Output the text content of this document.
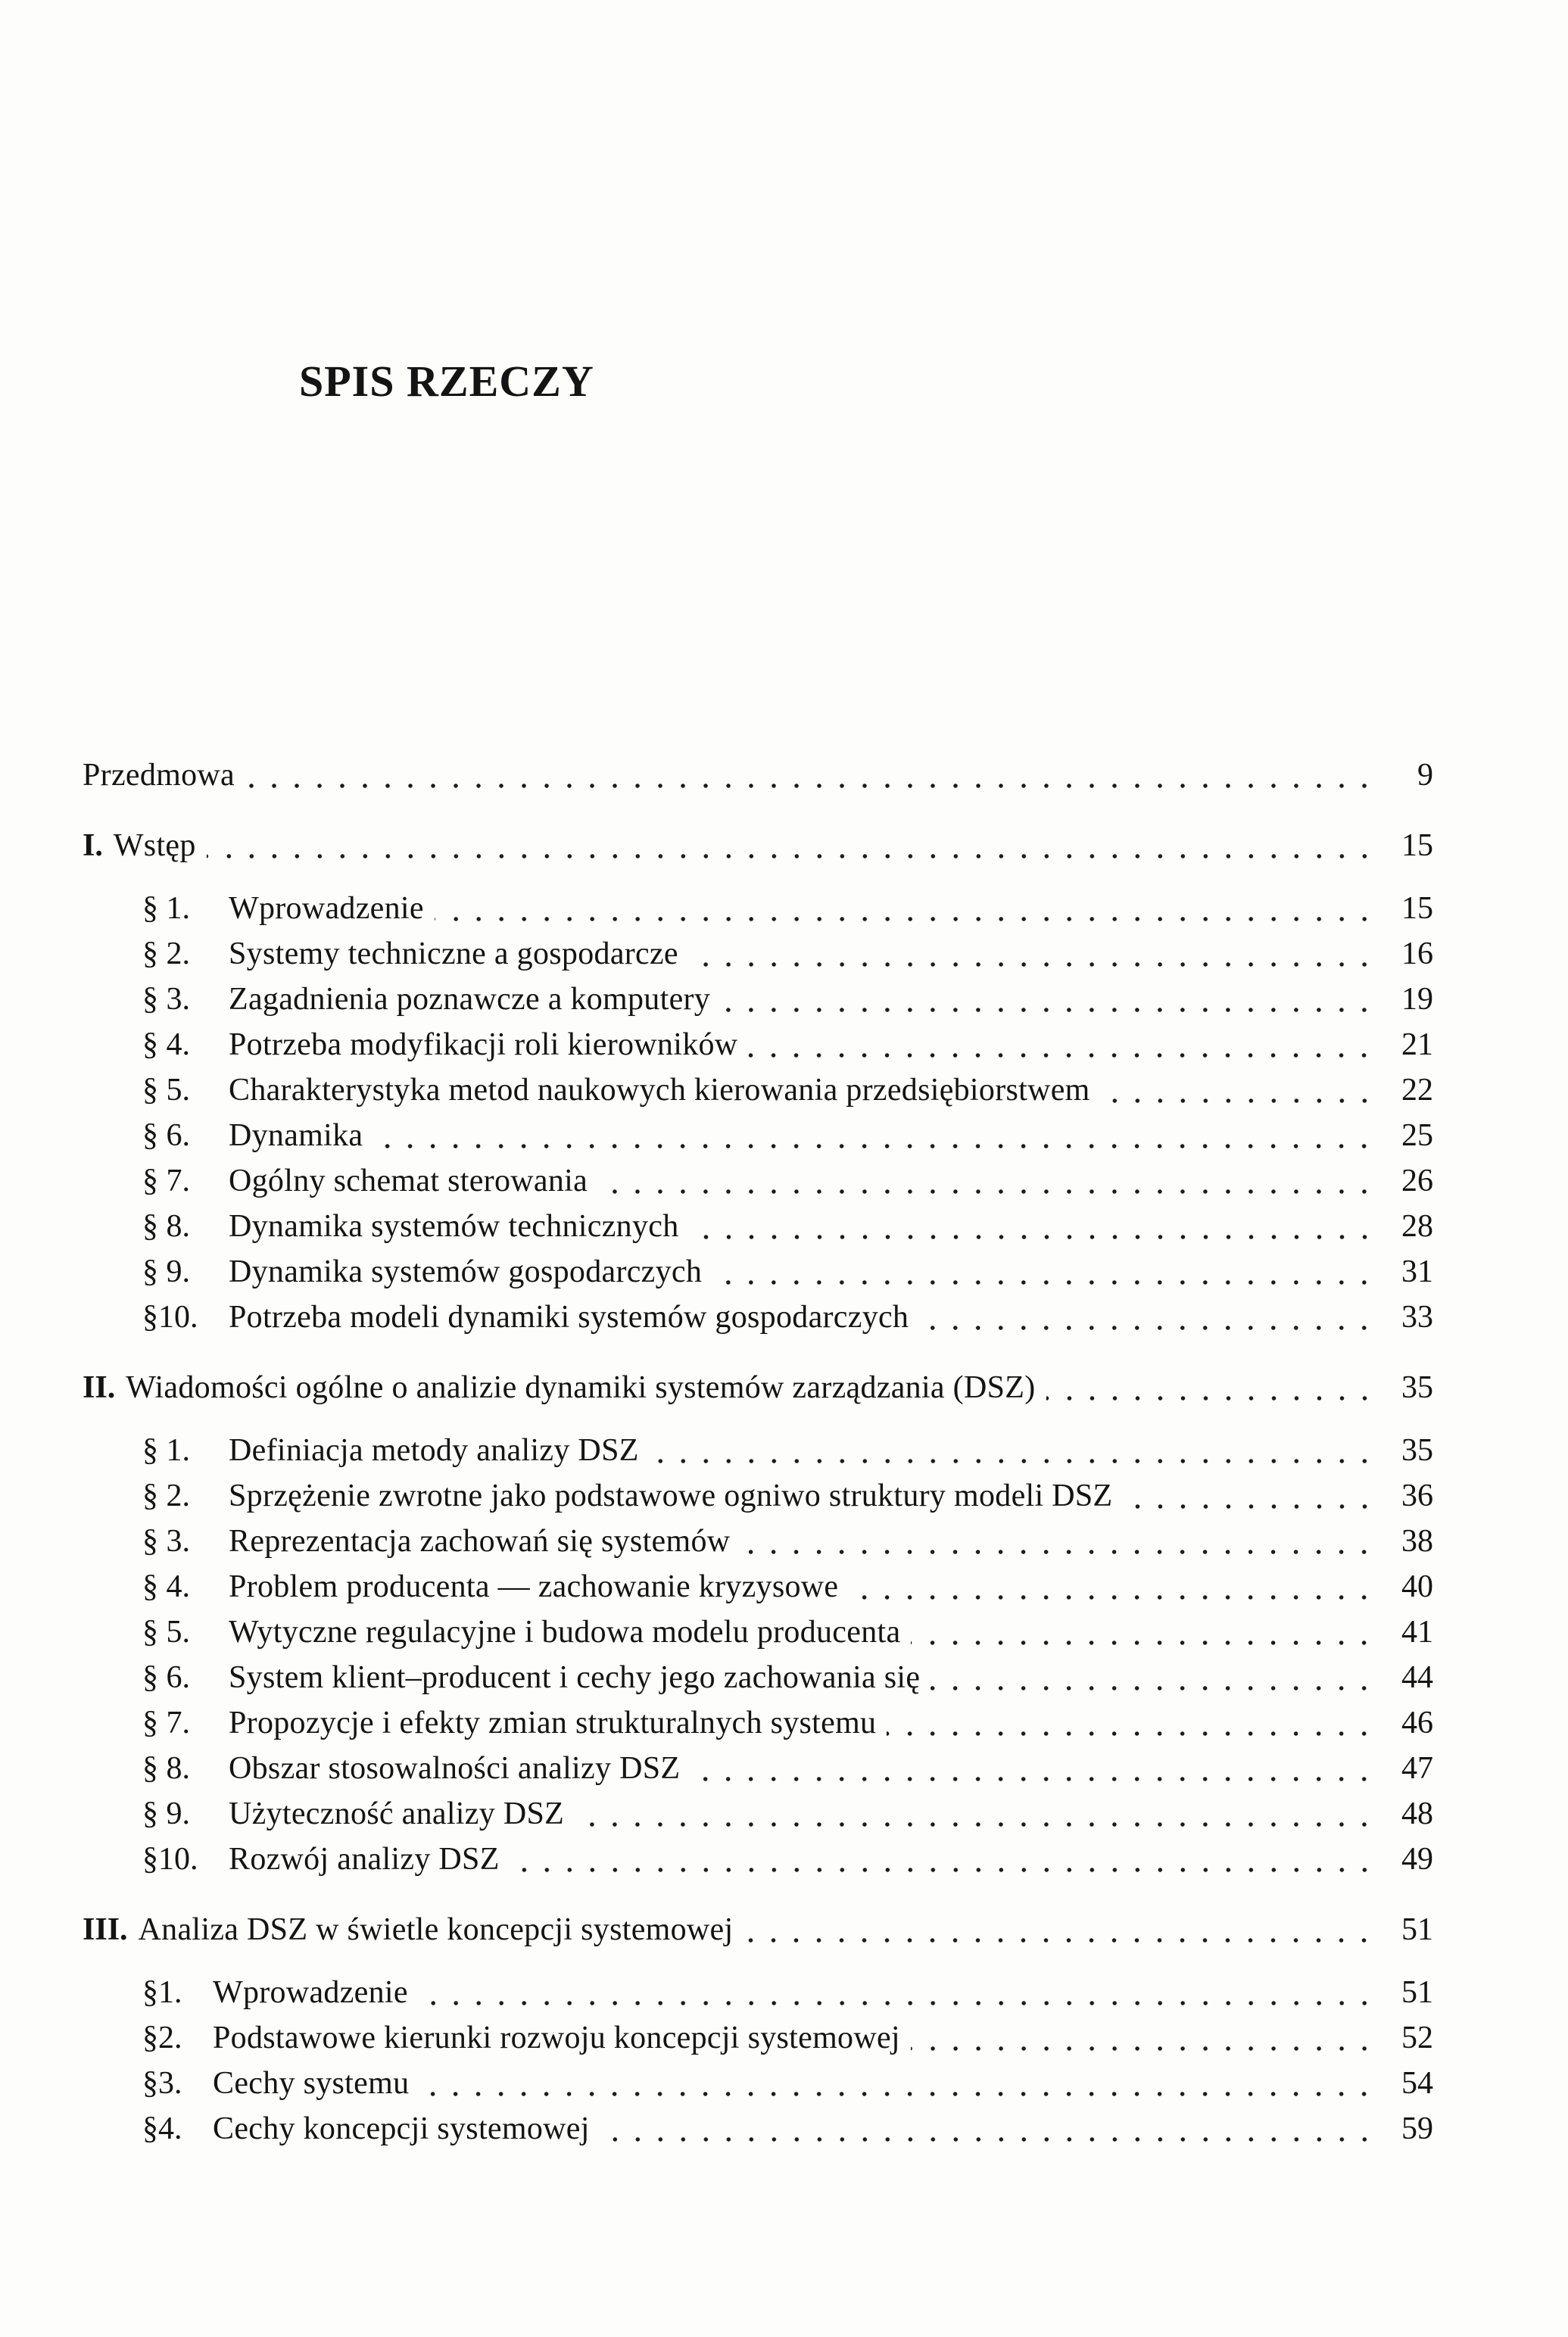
SPIS RZECZY
Przedmowa	9
I. Wstęp	15
§ 1.	Wprowadzenie	15
§ 2.	Systemy techniczne a gospodarcze	16
§ 3.	Zagadnienia poznawcze a komputery	19
§ 4.	Potrzeba modyfikacji roli kierowników	21
§ 5.	Charakterystyka metod naukowych kierowania przedsiębiorstwem	22
§ 6.	Dynamika	25
§ 7.	Ogólny schemat sterowania	26
§ 8.	Dynamika systemów technicznych	28
§ 9.	Dynamika systemów gospodarczych	31
§10. Potrzeba modeli dynamiki systemów gospodarczych	33
II. Wiadomości ogólne o analizie dynamiki systemów zarządzania (DSZ)	35
§ 1.	Definiacja metody analizy DSZ	35
§ 2.	Sprzężenie zwrotne jako podstawowe ogniwo struktury modeli DSZ	36
§ 3.	Reprezentacja zachowań się systemów	38
§ 4.	Problem producenta — zachowanie kryzysowe	40
§ 5.	Wytyczne regulacyjne i budowa modelu producenta	41
§ 6.	System klient–producent i cechy jego zachowania się	44
§ 7.	Propozycje i efekty zmian strukturalnych systemu	46
§ 8.	Obszar stosowalności analizy DSZ	47
§ 9.	Użyteczność analizy DSZ	48
§10. Rozwój analizy DSZ	49
III. Analiza DSZ w świetle koncepcji systemowej	51
§1. Wprowadzenie	51
§2. Podstawowe kierunki rozwoju koncepcji systemowej	52
§3. Cechy systemu	54
§4. Cechy koncepcji systemowej	59
